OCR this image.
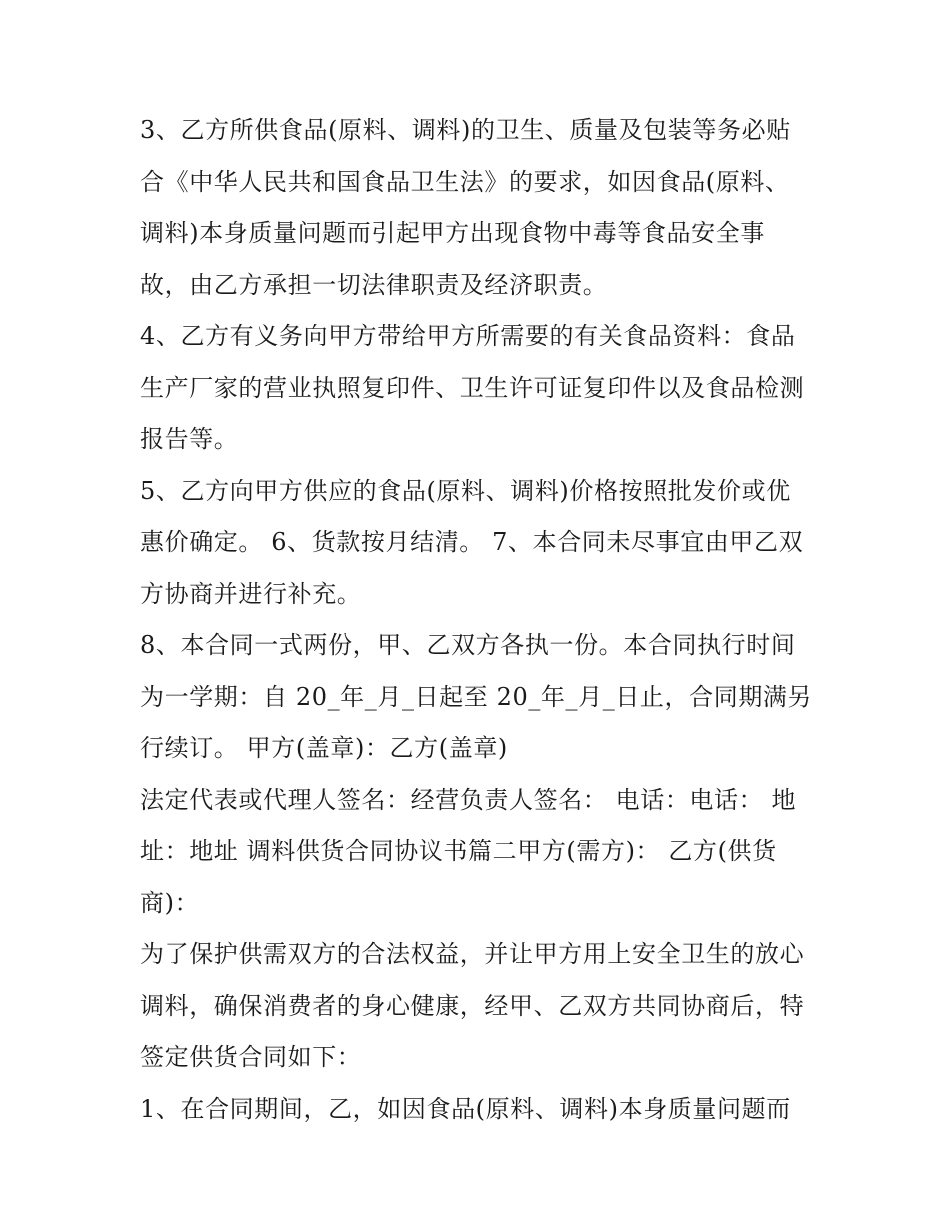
3、乙方所供食品(原料、调料)的卫生、质量及包装等务必贴
合《中华人民共和国食品卫生法》的要求，如因食品(原料、
调料)本身质量问题而引起甲方出现食物中毒等食品安全事
故，由乙方承担一切法律职责及经济职责。
4、乙方有义务向甲方带给甲方所需要的有关食品资料：食品
生产厂家的营业执照复印件、卫生许可证复印件以及食品检测
报告等。
5、乙方向甲方供应的食品(原料、调料)价格按照批发价或优
惠价确定。 6、货款按月结清。 7、本合同未尽事宜由甲乙双
方协商并进行补充。
8、本合同一式两份，甲、乙双方各执一份。本合同执行时间
为一学期：自 20_年_月_日起至 20_年_月_日止，合同期满另
行续订。 甲方(盖章)：乙方(盖章)
法定代表或代理人签名：经营负责人签名： 电话：电话： 地
址：地址 调料供货合同协议书篇二甲方(需方)： 乙方(供货
商)：
为了保护供需双方的合法权益，并让甲方用上安全卫生的放心
调料，确保消费者的身心健康，经甲、乙双方共同协商后，特
签定供货合同如下：
1、在合同期间，乙，如因食品(原料、调料)本身质量问题而
